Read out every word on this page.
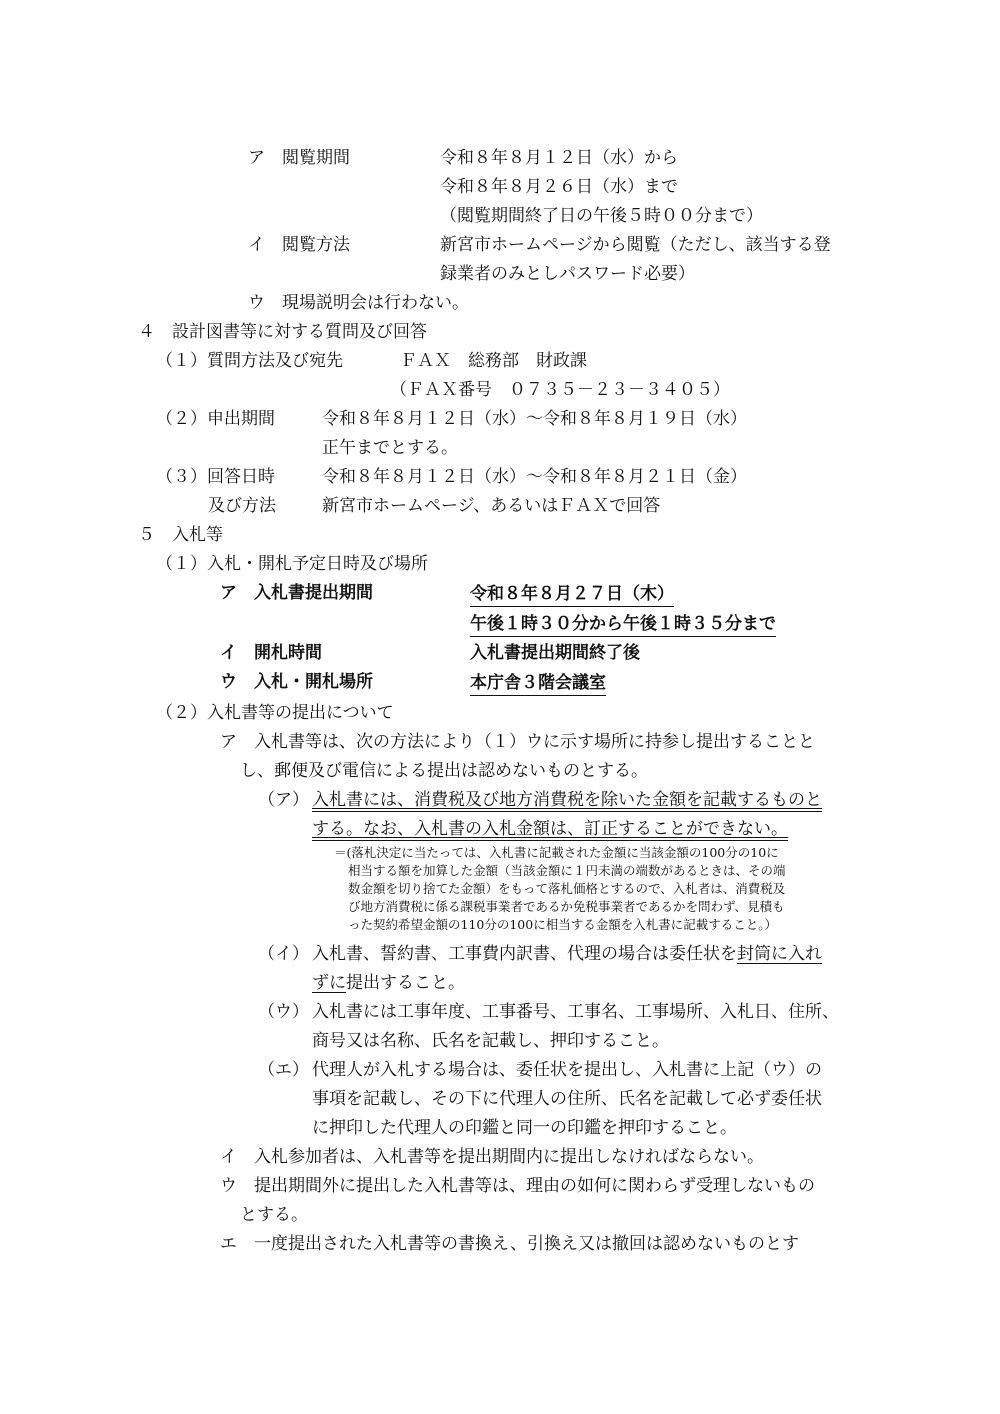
ア　閲覧期間	令和８年８月１２日（水）から
令和８年８月２６日（水）まで
（閲覧期間終了日の午後５時００分まで）
イ　閲覧方法	新宮市ホームページから閲覧（ただし、該当する登
録業者のみとしパスワード必要）
ウ　現場説明会は行わない。
４　設計図書等に対する質問及び回答
（１）質問方法及び宛先	ＦＡＸ　総務部　財政課
（ＦＡＸ番号　０７３５－２３－３４０５）
（２）申出期間	令和８年８月１２日（水）～令和８年８月１９日（水）
正午までとする。
（３）回答日時	令和８年８月１２日（水）～令和８年８月２１日（金）
及び方法	新宮市ホームページ、あるいはＦＡＸで回答
５　入札等
（１）入札・開札予定日時及び場所
ア　入札書提出期間	令和８年８月２７日（木）
午後１時３０分から午後１時３５分まで
イ　開札時間	入札書提出期間終了後
ウ　入札・開札場所	本庁舎３階会議室
（２）入札書等の提出について
ア　入札書等は、次の方法により（１）ウに示す場所に持参し提出することと
し、郵便及び電信による提出は認めないものとする。
（ア） 入札書には、消費税及び地方消費税を除いた金額を記載するものと
する。なお、入札書の入札金額は、訂正することができない。
＝(落札決定に当たっては、入札書に記載された金額に当該金額の100分の10に
相当する額を加算した金額（当該金額に１円未満の端数があるときは、その端
数金額を切り捨てた金額）をもって落札価格とするので、入札者は、消費税及
び地方消費税に係る課税事業者であるか免税事業者であるかを問わず、見積も
った契約希望金額の110分の100に相当する金額を入札書に記載すること。）
（イ） 入札書、誓約書、工事費内訳書、代理の場合は委任状を封筒に入れ
ずに提出すること。
（ウ） 入札書には工事年度、工事番号、工事名、工事場所、入札日、住所、
商号又は名称、氏名を記載し、押印すること。
（エ） 代理人が入札する場合は、委任状を提出し、入札書に上記（ウ）の
事項を記載し、その下に代理人の住所、氏名を記載して必ず委任状
に押印した代理人の印鑑と同一の印鑑を押印すること。
イ　入札参加者は、入札書等を提出期間内に提出しなければならない。
ウ　提出期間外に提出した入札書等は、理由の如何に関わらず受理しないもの
とする。
エ　一度提出された入札書等の書換え、引換え又は撤回は認めないものとす
